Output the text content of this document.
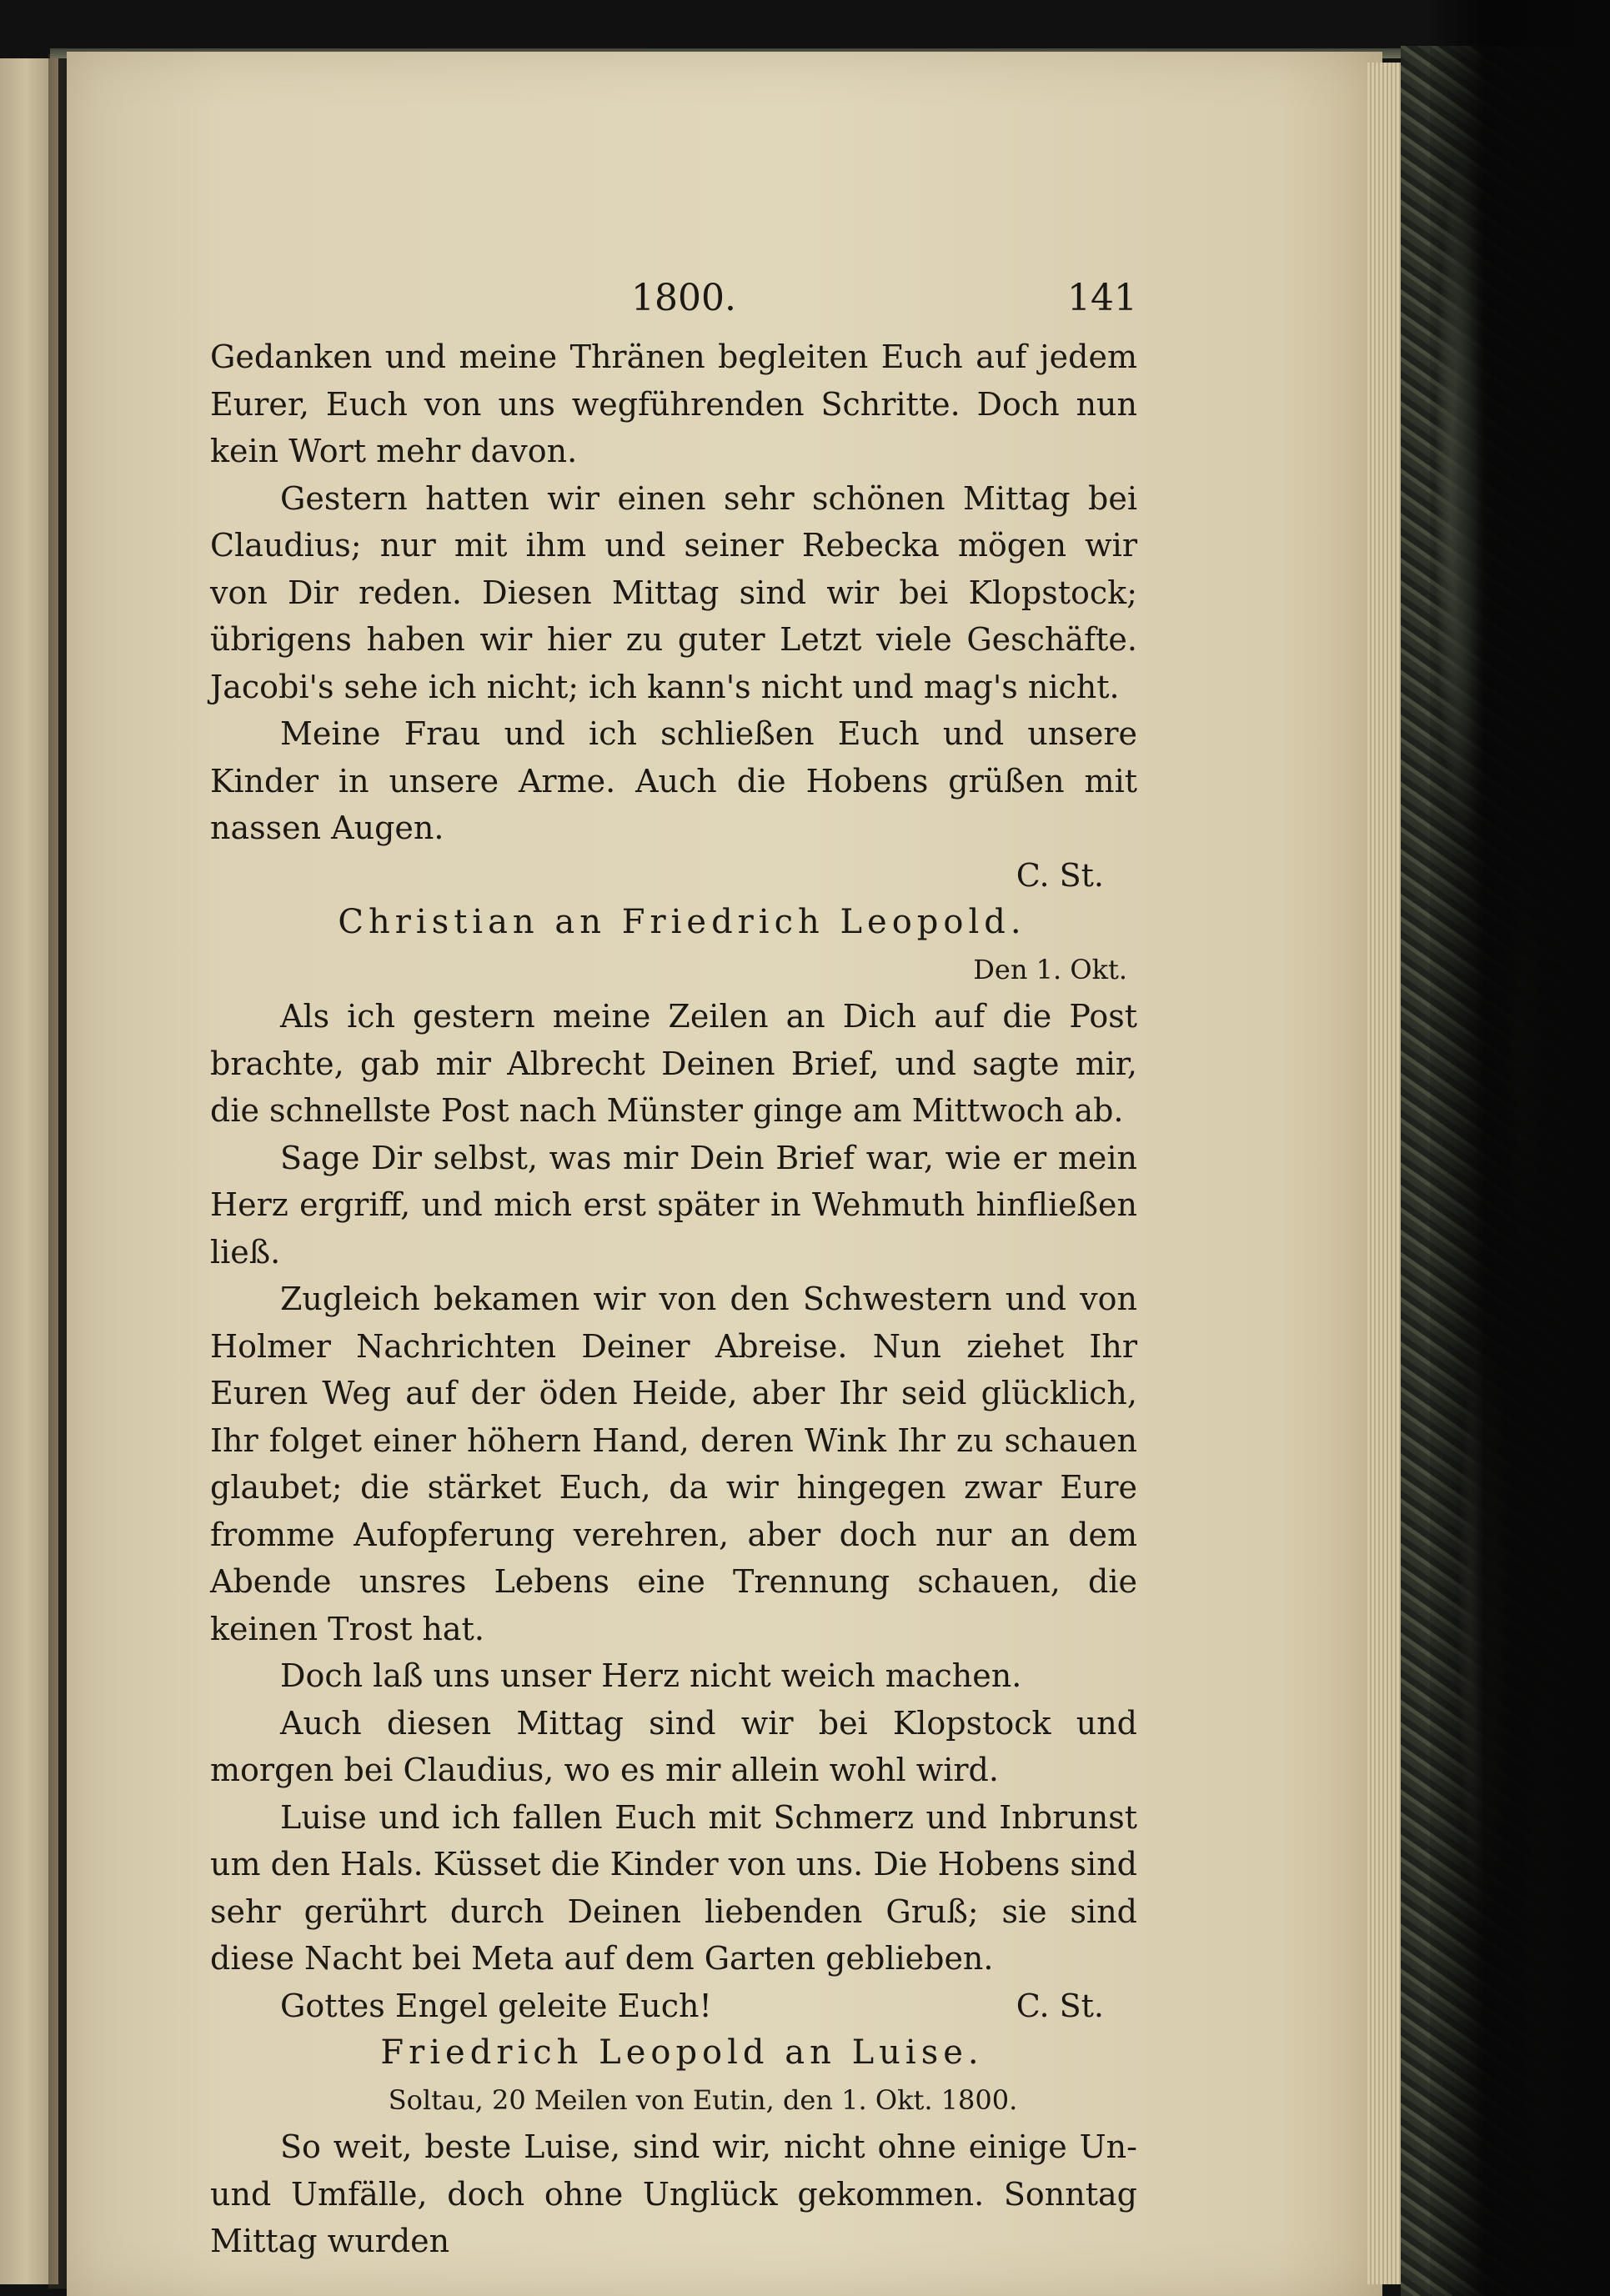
1800.	141

Gedanken und meine Thränen begleiten Euch auf jedem Eurer, Euch von uns wegführenden Schritte. Doch nun kein Wort mehr davon.

Gestern hatten wir einen sehr schönen Mittag bei Claudius; nur mit ihm und seiner Rebecka mögen wir von Dir reden. Diesen Mittag sind wir bei Klopstock; übrigens haben wir hier zu guter Letzt viele Geschäfte. Jacobi's sehe ich nicht; ich kann's nicht und mag's nicht.

Meine Frau und ich schließen Euch und unsere Kinder in unsere Arme. Auch die Hobens grüßen mit nassen Augen.

C. St.

Christian an Friedrich Leopold.

Den 1. Okt.

Als ich gestern meine Zeilen an Dich auf die Post brachte, gab mir Albrecht Deinen Brief, und sagte mir, die schnellste Post nach Münster ginge am Mittwoch ab.

Sage Dir selbst, was mir Dein Brief war, wie er mein Herz ergriff, und mich erst später in Wehmuth hinfließen ließ.

Zugleich bekamen wir von den Schwestern und von Holmer Nachrichten Deiner Abreise. Nun ziehet Ihr Euren Weg auf der öden Heide, aber Ihr seid glücklich, Ihr folget einer höhern Hand, deren Wink Ihr zu schauen glaubet; die stärket Euch, da wir hingegen zwar Eure fromme Aufopferung verehren, aber doch nur an dem Abende unsres Lebens eine Trennung schauen, die keinen Trost hat.

Doch laß uns unser Herz nicht weich machen.

Auch diesen Mittag sind wir bei Klopstock und morgen bei Claudius, wo es mir allein wohl wird.

Luise und ich fallen Euch mit Schmerz und Inbrunst um den Hals. Küsset die Kinder von uns. Die Hobens sind sehr gerührt durch Deinen liebenden Gruß; sie sind diese Nacht bei Meta auf dem Garten geblieben.

Gottes Engel geleite Euch!	C. St.

Friedrich Leopold an Luise.

Soltau, 20 Meilen von Eutin, den 1. Okt. 1800.

So weit, beste Luise, sind wir, nicht ohne einige Un- und Umfälle, doch ohne Unglück gekommen. Sonntag Mittag wurden
